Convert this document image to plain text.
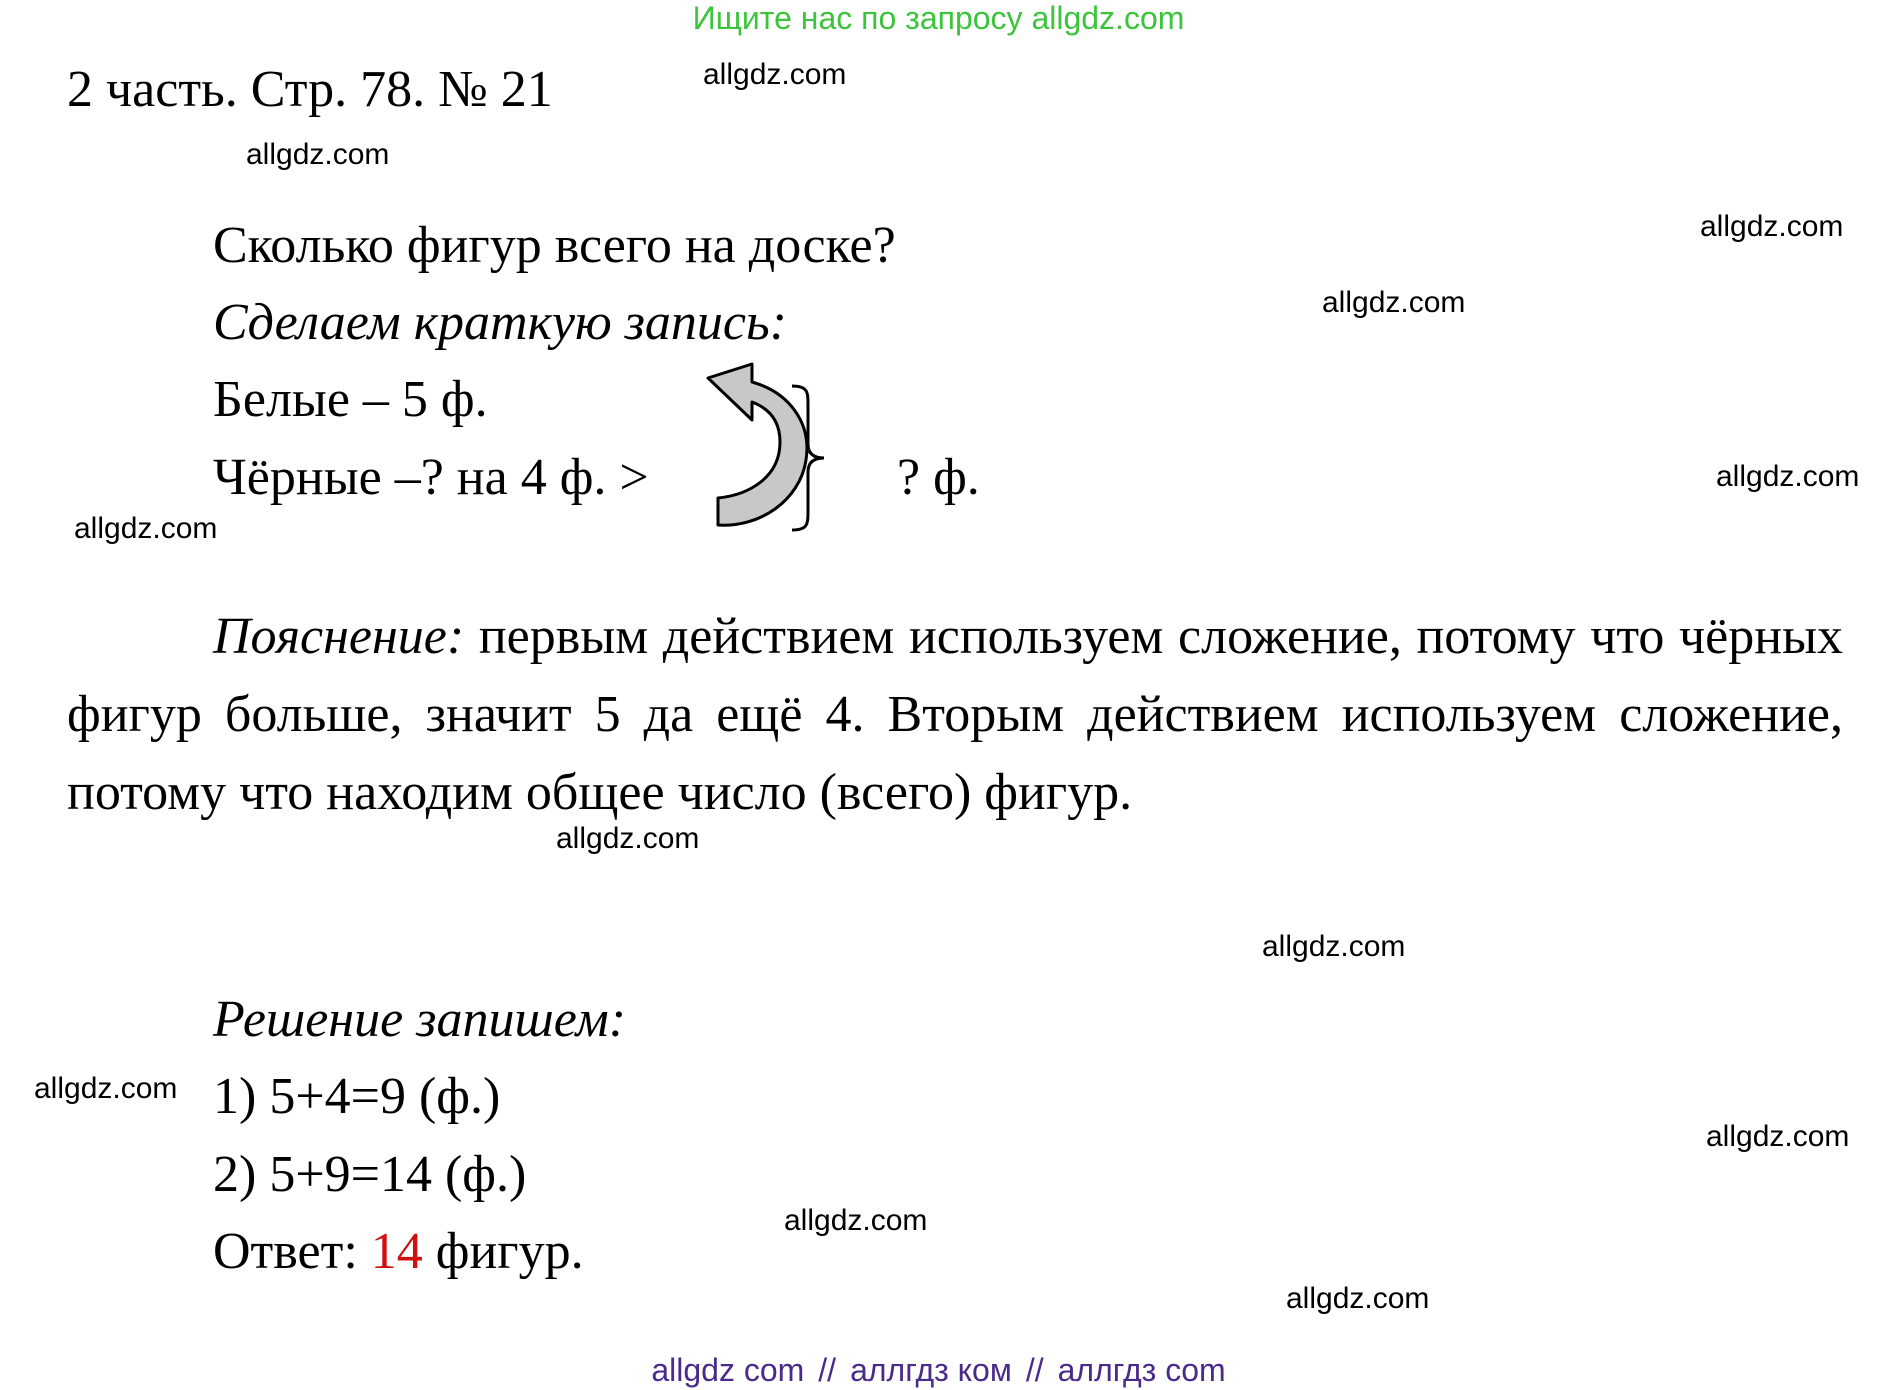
Ищите нас по запросу allgdz.com
2 часть. Стр. 78. № 21
Сколько фигур всего на доске?
Сделаем краткую запись:
Белые – 5 ф.
Чёрные –? на 4 ф. >	? ф.
Пояснение: первым действием используем сложение, потому что чёрных фигур больше, значит 5 да ещё 4. Вторым действием используем сложение, потому что находим общее число (всего) фигур.
Решение запишем:
1) 5+4=9 (ф.)
2) 5+9=14 (ф.)
Ответ: 14 фигур.
allgdz.com
allgdz.com
allgdz.com
allgdz.com
allgdz.com
allgdz.com
allgdz.com
allgdz.com
allgdz.com
allgdz.com
allgdz.com
allgdz.com
allgdz com // аллгдз ком // аллгдз com
